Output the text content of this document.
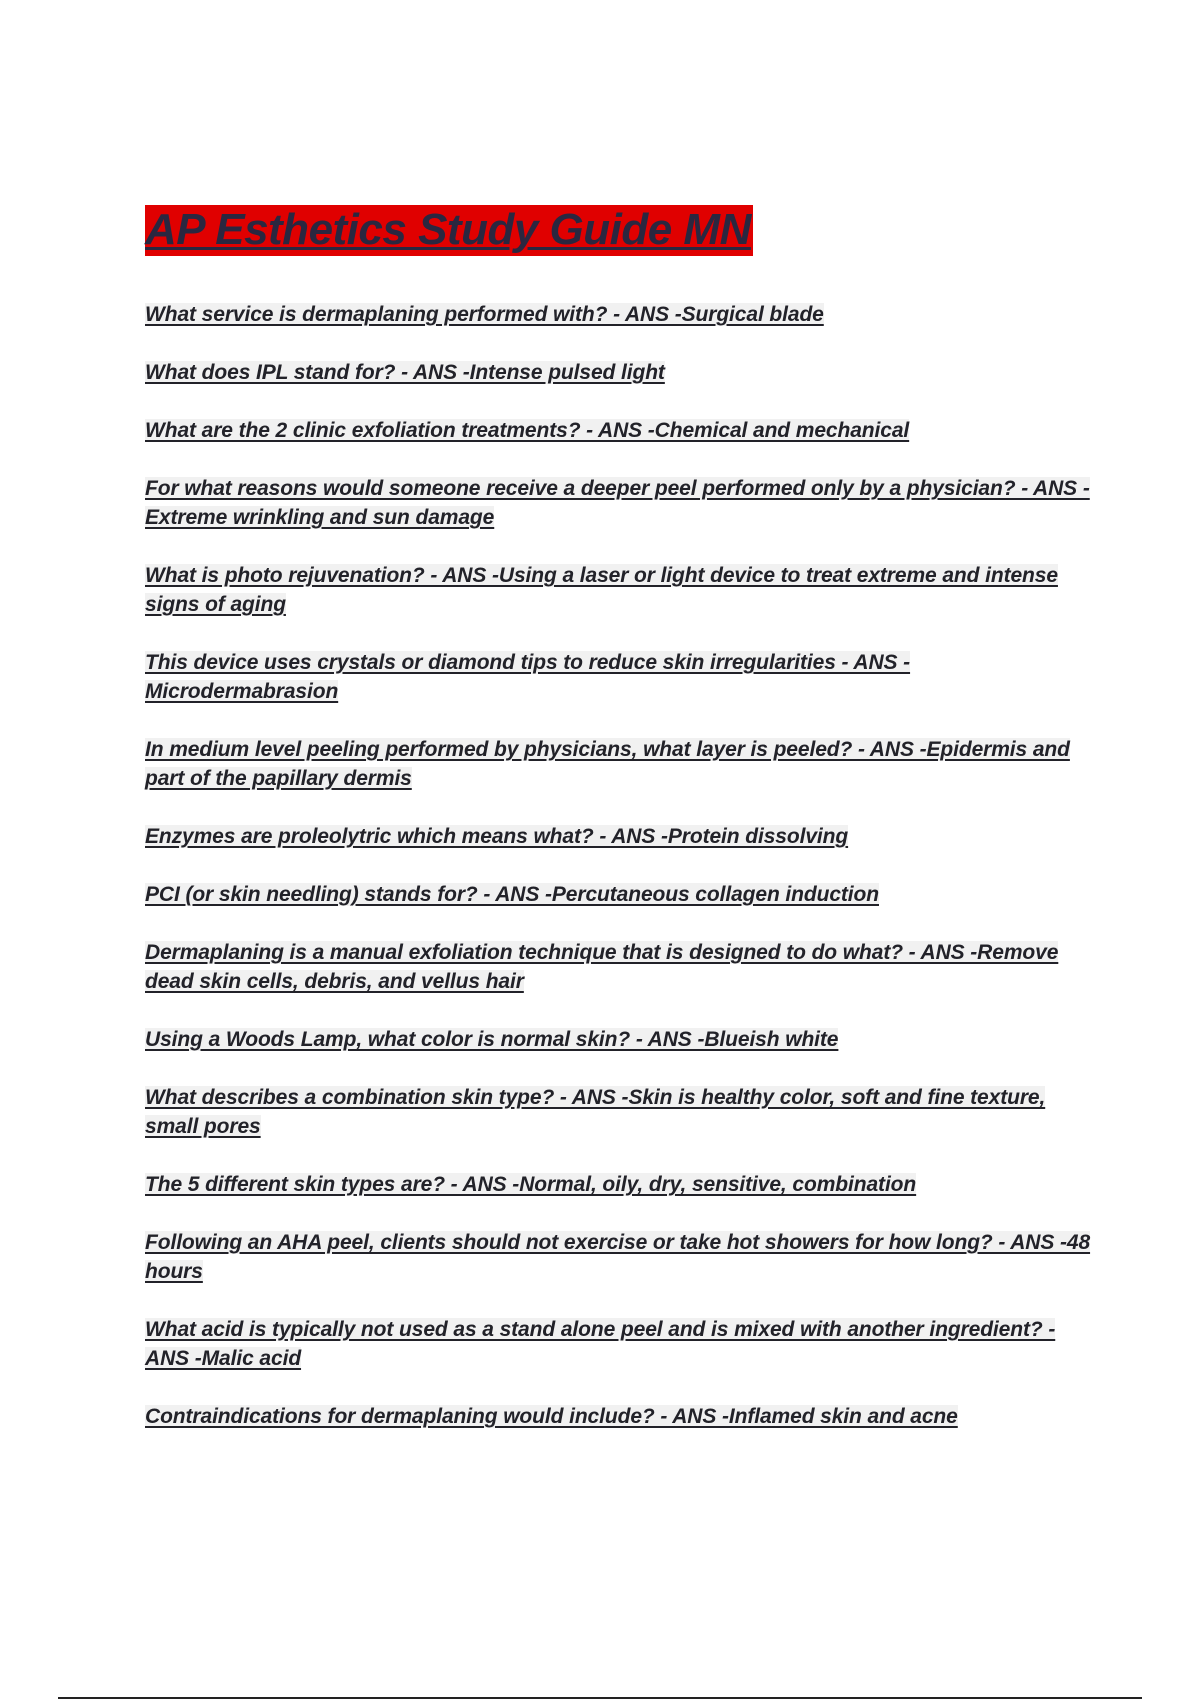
AP Esthetics Study Guide MN
What service is dermaplaning performed with? - ANS -Surgical blade
What does IPL stand for? - ANS -Intense pulsed light
What are the 2 clinic exfoliation treatments? - ANS -Chemical and mechanical
For what reasons would someone receive a deeper peel performed only by a physician? - ANS -Extreme wrinkling and sun damage
What is photo rejuvenation? - ANS -Using a laser or light device to treat extreme and intense signs of aging
This device uses crystals or diamond tips to reduce skin irregularities - ANS -Microdermabrasion
In medium level peeling performed by physicians, what layer is peeled? - ANS -Epidermis and part of the papillary dermis
Enzymes are proleolytric which means what? - ANS -Protein dissolving
PCI (or skin needling) stands for? - ANS -Percutaneous collagen induction
Dermaplaning is a manual exfoliation technique that is designed to do what? - ANS -Remove dead skin cells, debris, and vellus hair
Using a Woods Lamp, what color is normal skin? - ANS -Blueish white
What describes a combination skin type? - ANS -Skin is healthy color, soft and fine texture, small pores
The 5 different skin types are? - ANS -Normal, oily, dry, sensitive, combination
Following an AHA peel, clients should not exercise or take hot showers for how long? - ANS -48 hours
What acid is typically not used as a stand alone peel and is mixed with another ingredient? - ANS -Malic acid
Contraindications for dermaplaning would include? - ANS -Inflamed skin and acne
